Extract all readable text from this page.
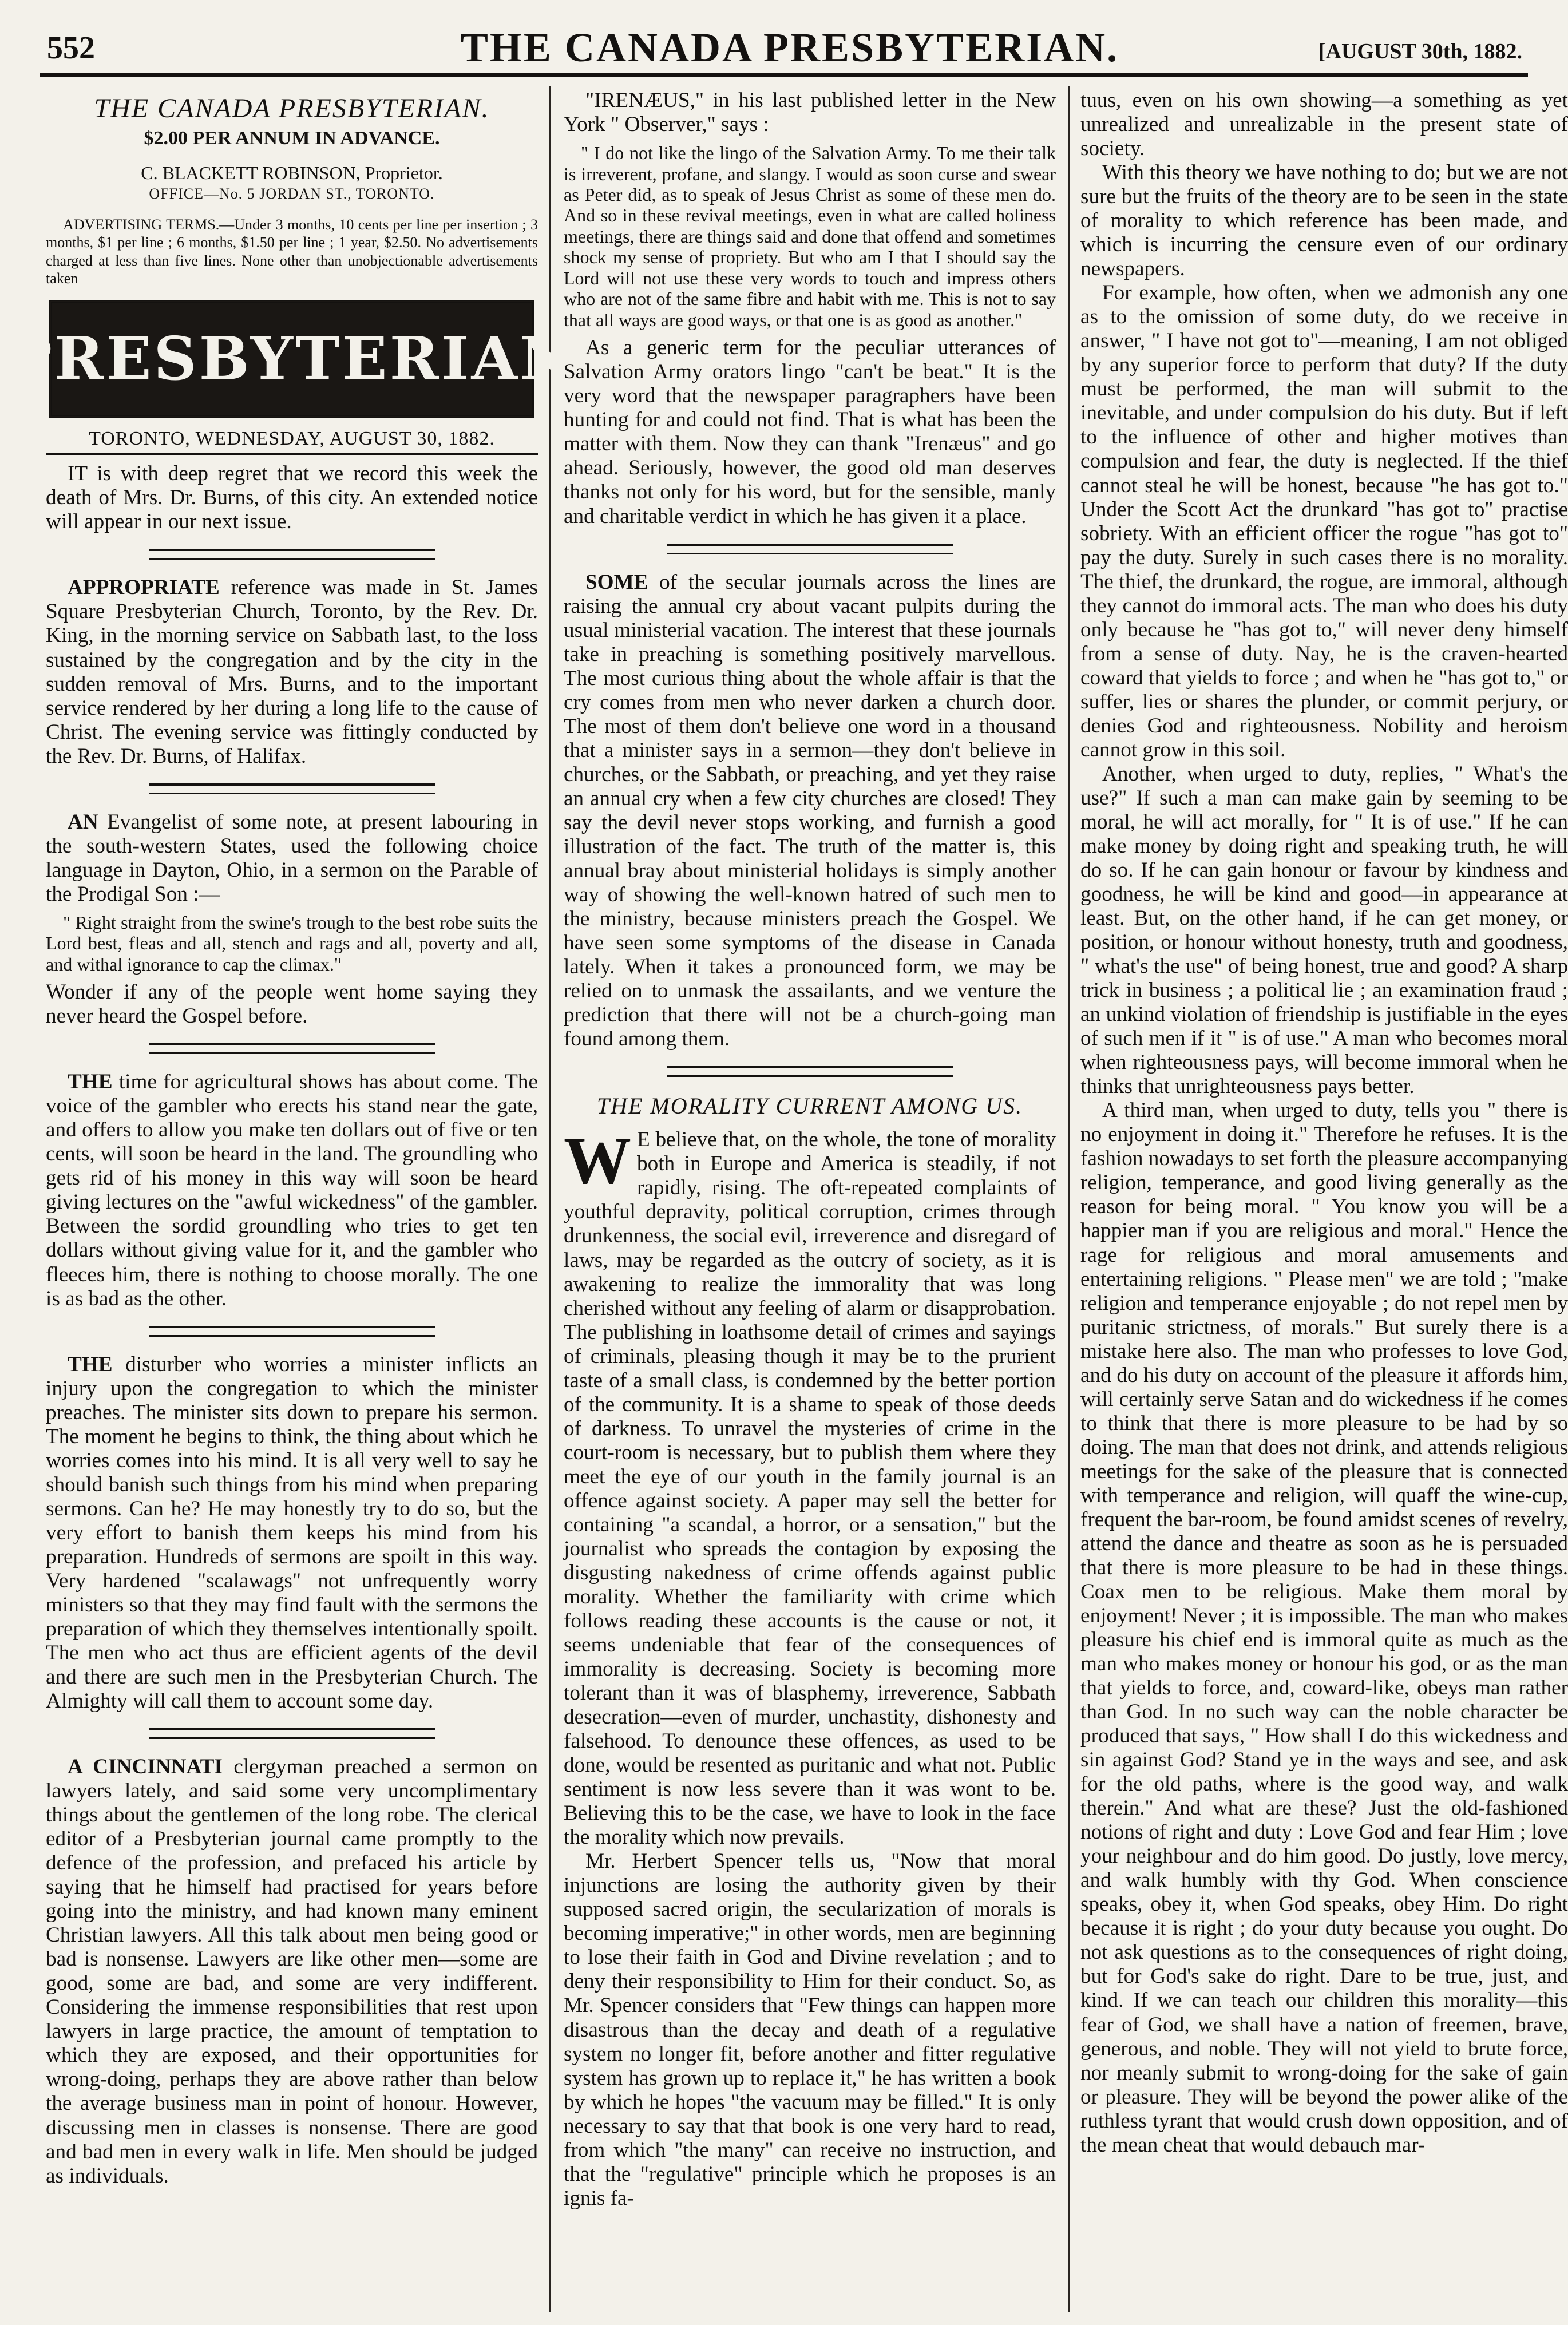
552	THE CANADA PRESBYTERIAN.	[AUGUST 30th, 1882.
THE CANADA PRESBYTERIAN.
$2.00 PER ANNUM IN ADVANCE.
C. BLACKETT ROBINSON, Proprietor.
OFFICE—No. 5 JORDAN ST., TORONTO.
ADVERTISING TERMS.—Under 3 months, 10 cents per line per insertion ; 3 months, $1 per line ; 6 months, $1.50 per line ; 1 year, $2.50. No advertisements charged at less than five lines. None other than unobjectionable advertisements taken
PRESBYTERIAN
TORONTO, WEDNESDAY, AUGUST 30, 1882.

IT is with deep regret that we record this week the death of Mrs. Dr. Burns, of this city. An extended notice will appear in our next issue.

APPROPRIATE reference was made in St. James Square Presbyterian Church, Toronto, by the Rev. Dr. King, in the morning service on Sabbath last, to the loss sustained by the congregation and by the city in the sudden removal of Mrs. Burns, and to the important service rendered by her during a long life to the cause of Christ. The evening service was fittingly conducted by the Rev. Dr. Burns, of Halifax.

AN Evangelist of some note, at present labouring in the south-western States, used the following choice language in Dayton, Ohio, in a sermon on the Parable of the Prodigal Son :—

" Right straight from the swine's trough to the best robe suits the Lord best, fleas and all, stench and rags and all, poverty and all, and withal ignorance to cap the climax."

Wonder if any of the people went home saying they never heard the Gospel before.

THE time for agricultural shows has about come. The voice of the gambler who erects his stand near the gate, and offers to allow you make ten dollars out of five or ten cents, will soon be heard in the land. The groundling who gets rid of his money in this way will soon be heard giving lectures on the "awful wickedness" of the gambler. Between the sordid groundling who tries to get ten dollars without giving value for it, and the gambler who fleeces him, there is nothing to choose morally. The one is as bad as the other.

THE disturber who worries a minister inflicts an injury upon the congregation to which the minister preaches. The minister sits down to prepare his sermon. The moment he begins to think, the thing about which he worries comes into his mind. It is all very well to say he should banish such things from his mind when preparing sermons. Can he? He may honestly try to do so, but the very effort to banish them keeps his mind from his preparation. Hundreds of sermons are spoilt in this way. Very hardened "scalawags" not unfrequently worry ministers so that they may find fault with the sermons the preparation of which they themselves intentionally spoilt. The men who act thus are efficient agents of the devil and there are such men in the Presbyterian Church. The Almighty will call them to account some day.

A CINCINNATI clergyman preached a sermon on lawyers lately, and said some very uncomplimentary things about the gentlemen of the long robe. The clerical editor of a Presbyterian journal came promptly to the defence of the profession, and prefaced his article by saying that he himself had practised for years before going into the ministry, and had known many eminent Christian lawyers. All this talk about men being good or bad is nonsense. Lawyers are like other men—some are good, some are bad, and some are very indifferent. Considering the immense responsibilities that rest upon lawyers in large practice, the amount of temptation to which they are exposed, and their opportunities for wrong-doing, perhaps they are above rather than below the average business man in point of honour. However, discussing men in classes is nonsense. There are good and bad men in every walk in life. Men should be judged as individuals.

"IRENÆUS," in his last published letter in the New York " Observer," says :

" I do not like the lingo of the Salvation Army. To me their talk is irreverent, profane, and slangy. I would as soon curse and swear as Peter did, as to speak of Jesus Christ as some of these men do. And so in these revival meetings, even in what are called holiness meetings, there are things said and done that offend and sometimes shock my sense of propriety. But who am I that I should say the Lord will not use these very words to touch and impress others who are not of the same fibre and habit with me. This is not to say that all ways are good ways, or that one is as good as another."

As a generic term for the peculiar utterances of Salvation Army orators lingo "can't be beat." It is the very word that the newspaper paragraphers have been hunting for and could not find. That is what has been the matter with them. Now they can thank "Irenæus" and go ahead. Seriously, however, the good old man deserves thanks not only for his word, but for the sensible, manly and charitable verdict in which he has given it a place.

SOME of the secular journals across the lines are raising the annual cry about vacant pulpits during the usual ministerial vacation. The interest that these journals take in preaching is something positively marvellous. The most curious thing about the whole affair is that the cry comes from men who never darken a church door. The most of them don't believe one word in a thousand that a minister says in a sermon—they don't believe in churches, or the Sabbath, or preaching, and yet they raise an annual cry when a few city churches are closed! They say the devil never stops working, and furnish a good illustration of the fact. The truth of the matter is, this annual bray about ministerial holidays is simply another way of showing the well-known hatred of such men to the ministry, because ministers preach the Gospel. We have seen some symptoms of the disease in Canada lately. When it takes a pronounced form, we may be relied on to unmask the assailants, and we venture the prediction that there will not be a church-going man found among them.

THE MORALITY CURRENT AMONG US.

W E believe that, on the whole, the tone of morality both in Europe and America is steadily, if not rapidly, rising. The oft-repeated complaints of youthful depravity, political corruption, crimes through drunkenness, the social evil, irreverence and disregard of laws, may be regarded as the outcry of society, as it is awakening to realize the immorality that was long cherished without any feeling of alarm or disapprobation. The publishing in loathsome detail of crimes and sayings of criminals, pleasing though it may be to the prurient taste of a small class, is condemned by the better portion of the community. It is a shame to speak of those deeds of darkness. To unravel the mysteries of crime in the court-room is necessary, but to publish them where they meet the eye of our youth in the family journal is an offence against society. A paper may sell the better for containing "a scandal, a horror, or a sensation," but the journalist who spreads the contagion by exposing the disgusting nakedness of crime offends against public morality. Whether the familiarity with crime which follows reading these accounts is the cause or not, it seems undeniable that fear of the consequences of immorality is decreasing. Society is becoming more tolerant than it was of blasphemy, irreverence, Sabbath desecration—even of murder, unchastity, dishonesty and falsehood. To denounce these offences, as used to be done, would be resented as puritanic and what not. Public sentiment is now less severe than it was wont to be. Believing this to be the case, we have to look in the face the morality which now prevails.

Mr. Herbert Spencer tells us, "Now that moral injunctions are losing the authority given by their supposed sacred origin, the secularization of morals is becoming imperative;" in other words, men are beginning to lose their faith in God and Divine revelation ; and to deny their responsibility to Him for their conduct. So, as Mr. Spencer considers that "Few things can happen more disastrous than the decay and death of a regulative system no longer fit, before another and fitter regulative system has grown up to replace it," he has written a book by which he hopes "the vacuum may be filled." It is only necessary to say that that book is one very hard to read, from which "the many" can receive no instruction, and that the "regulative" principle which he proposes is an ignis fa-

tuus, even on his own showing—a something as yet unrealized and unrealizable in the present state of society.

With this theory we have nothing to do; but we are not sure but the fruits of the theory are to be seen in the state of morality to which reference has been made, and which is incurring the censure even of our ordinary newspapers.

For example, how often, when we admonish any one as to the omission of some duty, do we receive in answer, " I have not got to"—meaning, I am not obliged by any superior force to perform that duty? If the duty must be performed, the man will submit to the inevitable, and under compulsion do his duty. But if left to the influence of other and higher motives than compulsion and fear, the duty is neglected. If the thief cannot steal he will be honest, because "he has got to." Under the Scott Act the drunkard "has got to" practise sobriety. With an efficient officer the rogue "has got to" pay the duty. Surely in such cases there is no morality. The thief, the drunkard, the rogue, are immoral, although they cannot do immoral acts. The man who does his duty only because he "has got to," will never deny himself from a sense of duty. Nay, he is the craven-hearted coward that yields to force ; and when he "has got to," or suffer, lies or shares the plunder, or commit perjury, or denies God and righteousness. Nobility and heroism cannot grow in this soil.

Another, when urged to duty, replies, " What's the use?" If such a man can make gain by seeming to be moral, he will act morally, for " It is of use." If he can make money by doing right and speaking truth, he will do so. If he can gain honour or favour by kindness and goodness, he will be kind and good—in appearance at least. But, on the other hand, if he can get money, or position, or honour without honesty, truth and goodness, " what's the use" of being honest, true and good? A sharp trick in business ; a political lie ; an examination fraud ; an unkind violation of friendship is justifiable in the eyes of such men if it " is of use." A man who becomes moral when righteousness pays, will become immoral when he thinks that unrighteousness pays better.

A third man, when urged to duty, tells you " there is no enjoyment in doing it." Therefore he refuses. It is the fashion nowadays to set forth the pleasure accompanying religion, temperance, and good living generally as the reason for being moral. " You know you will be a happier man if you are religious and moral." Hence the rage for religious and moral amusements and entertaining religions. " Please men" we are told ; "make religion and temperance enjoyable ; do not repel men by puritanic strictness, of morals." But surely there is a mistake here also. The man who professes to love God, and do his duty on account of the pleasure it affords him, will certainly serve Satan and do wickedness if he comes to think that there is more pleasure to be had by so doing. The man that does not drink, and attends religious meetings for the sake of the pleasure that is connected with temperance and religion, will quaff the wine-cup, frequent the bar-room, be found amidst scenes of revelry, attend the dance and theatre as soon as he is persuaded that there is more pleasure to be had in these things. Coax men to be religious. Make them moral by enjoyment! Never ; it is impossible. The man who makes pleasure his chief end is immoral quite as much as the man who makes money or honour his god, or as the man that yields to force, and, coward-like, obeys man rather than God. In no such way can the noble character be produced that says, " How shall I do this wickedness and sin against God? Stand ye in the ways and see, and ask for the old paths, where is the good way, and walk therein." And what are these? Just the old-fashioned notions of right and duty : Love God and fear Him ; love your neighbour and do him good. Do justly, love mercy, and walk humbly with thy God. When conscience speaks, obey it, when God speaks, obey Him. Do right because it is right ; do your duty because you ought. Do not ask questions as to the consequences of right doing, but for God's sake do right. Dare to be true, just, and kind. If we can teach our children this morality—this fear of God, we shall have a nation of freemen, brave, generous, and noble. They will not yield to brute force, nor meanly submit to wrong-doing for the sake of gain or pleasure. They will be beyond the power alike of the ruthless tyrant that would crush down opposition, and of the mean cheat that would debauch mar-
